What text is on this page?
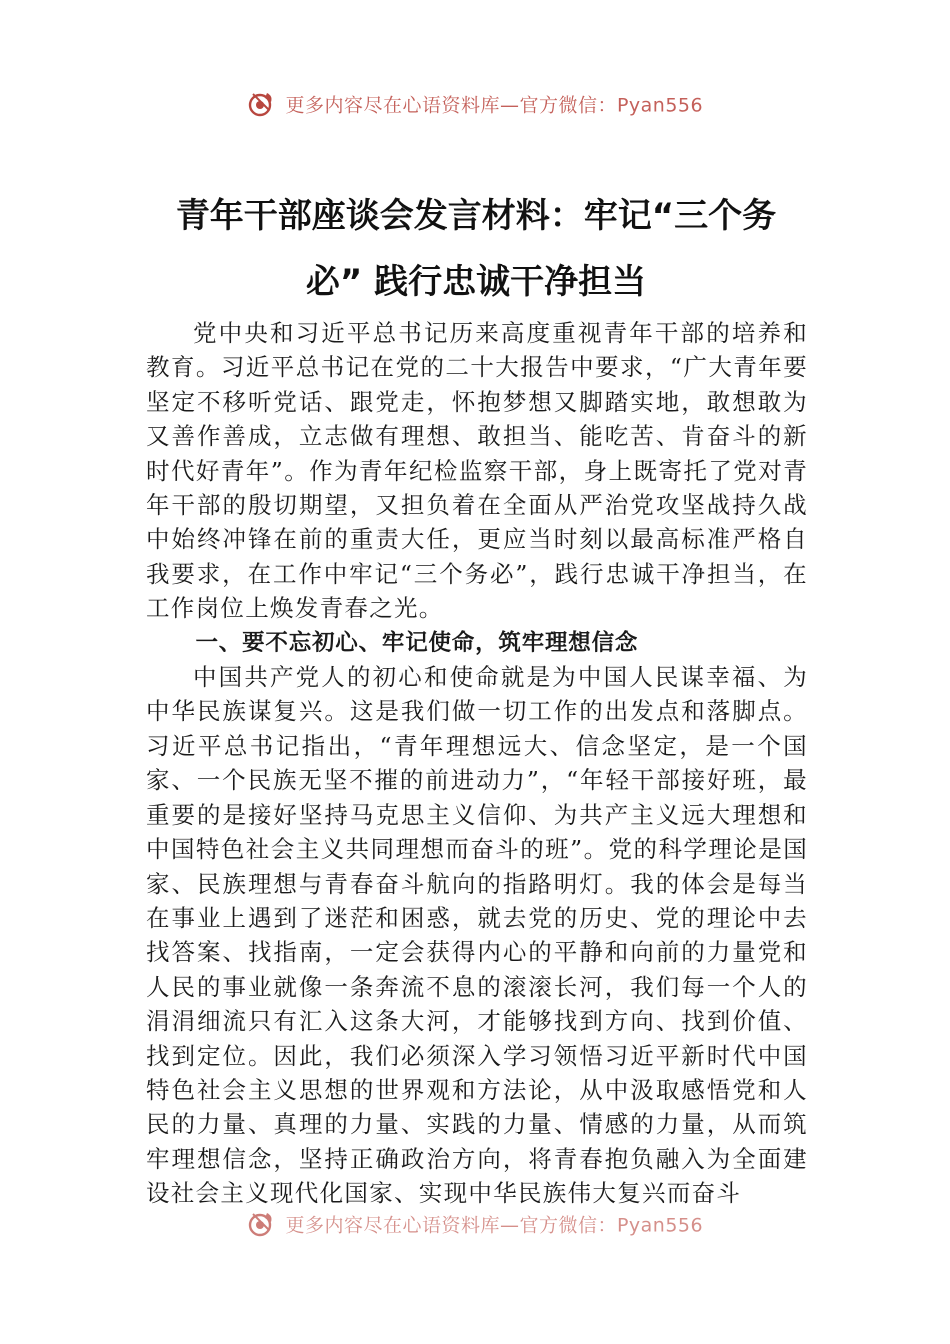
更多内容尽在心语资料库—官方微信：Pyan556
青年干部座谈会发言材料：牢记“三个务
必” 践行忠诚干净担当

党中央和习近平总书记历来高度重视青年干部的培养和教育。习近平总书记在党的二十大报告中要求，“广大青年要坚定不移听党话、跟党走，怀抱梦想又脚踏实地，敢想敢为又善作善成，立志做有理想、敢担当、能吃苦、肯奋斗的新时代好青年”。作为青年纪检监察干部，身上既寄托了党对青年干部的殷切期望，又担负着在全面从严治党攻坚战持久战中始终冲锋在前的重责大任，更应当时刻以最高标准严格自我要求，在工作中牢记“三个务必”，践行忠诚干净担当，在工作岗位上焕发青春之光。

一、要不忘初心、牢记使命，筑牢理想信念

中国共产党人的初心和使命就是为中国人民谋幸福、为中华民族谋复兴。这是我们做一切工作的出发点和落脚点。习近平总书记指出，“青年理想远大、信念坚定，是一个国家、一个民族无坚不摧的前进动力”，“年轻干部接好班，最重要的是接好坚持马克思主义信仰、为共产主义远大理想和中国特色社会主义共同理想而奋斗的班”。党的科学理论是国家、民族理想与青春奋斗航向的指路明灯。我的体会是每当在事业上遇到了迷茫和困惑，就去党的历史、党的理论中去找答案、找指南，一定会获得内心的平静和向前的力量党和人民的事业就像一条奔流不息的滚滚长河，我们每一个人的涓涓细流只有汇入这条大河，才能够找到方向、找到价值、找到定位。因此，我们必须深入学习领悟习近平新时代中国特色社会主义思想的世界观和方法论，从中汲取感悟党和人民的力量、真理的力量、实践的力量、情感的力量，从而筑牢理想信念，坚持正确政治方向，将青春抱负融入为全面建设社会主义现代化国家、实现中华民族伟大复兴而奋斗

更多内容尽在心语资料库—官方微信：Pyan556
